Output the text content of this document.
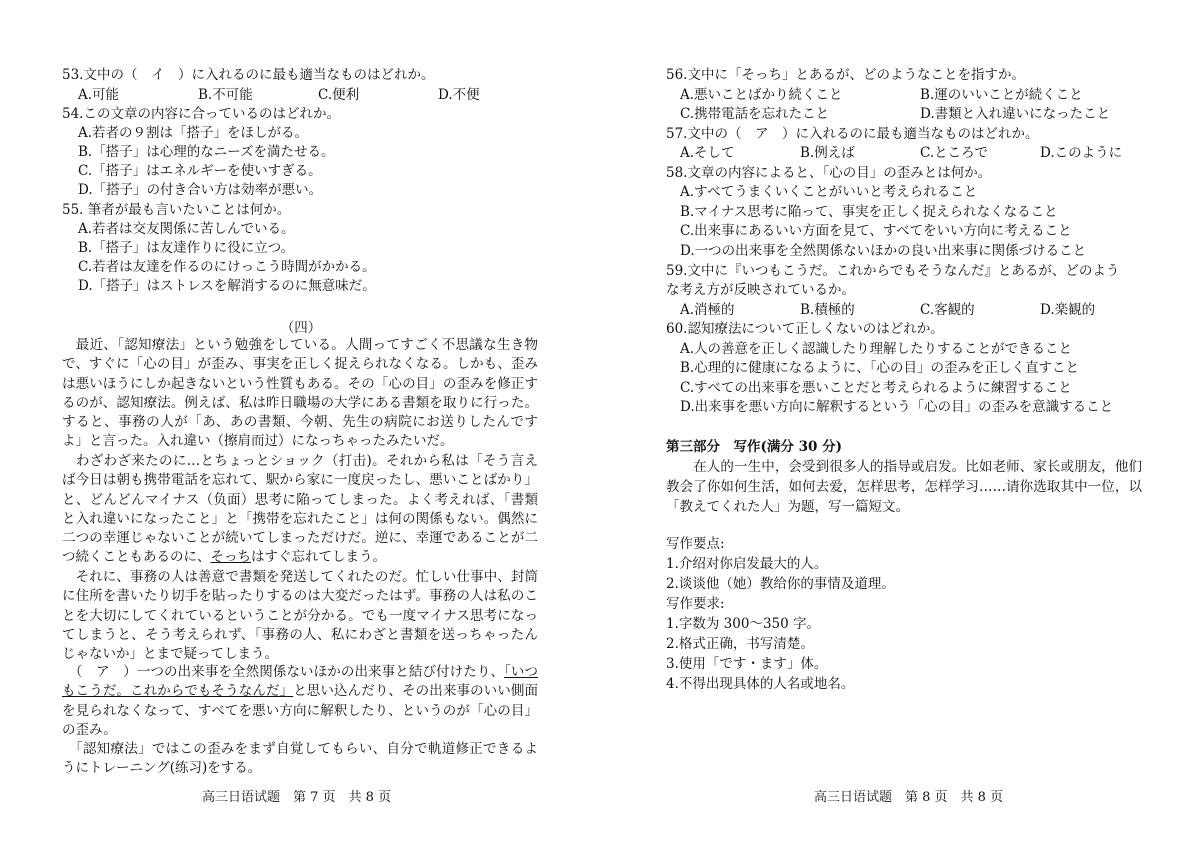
53.文中の（　イ　）に入れるのに最も適当なものはどれか。
A.可能	B.不可能	C.便利	D.不便
54.この文章の内容に合っているのはどれか。
A.若者の９割は「搭子」をほしがる。
B.「搭子」は心理的なニーズを満たせる。
C.「搭子」はエネルギーを使いすぎる。
D.「搭子」の付き合い方は効率が悪い。
55. 筆者が最も言いたいことは何か。
A.若者は交友関係に苦しんでいる。
B.「搭子」は友達作りに役に立つ。
C.若者は友達を作るのにけっこう時間がかかる。
D.「搭子」はストレスを解消するのに無意味だ。
（四）
　最近、「認知療法」という勉強をしている。人間ってすごく不思議な生き物で、すぐに「心の目」が歪み、事実を正しく捉えられなくなる。しかも、歪みは悪いほうにしか起きないという性質もある。その「心の目」の歪みを修正するのが、認知療法。例えば、私は昨日職場の大学にある書類を取りに行った。すると、事務の人が「あ、あの書類、今朝、先生の病院にお送りしたんですよ」と言った。入れ違い（擦肩而过）になっちゃったみたいだ。
　わざわざ来たのに…とちょっとショック（打击)。それから私は「そう言えば今日は朝も携帯電話を忘れて、駅から家に一度戻ったし、悪いことばかり」と、どんどんマイナス（负面）思考に陥ってしまった。よく考えれば、「書類と入れ違いになったこと」と「携帯を忘れたこと」は何の関係もない。偶然に二つの幸運じゃないことが続いてしまっただけだ。逆に、幸運であることが二つ続くこともあるのに、そっちはすぐ忘れてしまう。
　それに、事務の人は善意で書類を発送してくれたのだ。忙しい仕事中、封筒に住所を書いたり切手を貼ったりするのは大変だったはず。事務の人は私のことを大切にしてくれているということが分かる。でも一度マイナス思考になってしまうと、そう考えられず、「事務の人、私にわざと書類を送っちゃったんじゃないか」とまで疑ってしまう。
　（　ア　）一つの出来事を全然関係ないほかの出来事と結び付けたり、「いつもこうだ。これからでもそうなんだ」と思い込んだり、その出来事のいい側面を見られなくなって、すべてを悪い方向に解釈したり、というのが「心の目」の歪み。
　「認知療法」ではこの歪みをまず自覚してもらい、自分で軌道修正できるようにトレーニング(练习)をする。
高三日语试题　第 7 页　共 8 页
56.文中に「そっち」とあるが、どのようなことを指すか。
A.悪いことばかり続くこと	B.運のいいことが続くこと
C.携帯電話を忘れたこと	D.書類と入れ違いになったこと
57.文中の（　ア　）に入れるのに最も適当なものはどれか。
A.そして	B.例えば	C.ところで	D.このように
58.文章の内容によると、「心の目」の歪みとは何か。
A.すべてうまくいくことがいいと考えられること
B.マイナス思考に陥って、事実を正しく捉えられなくなること
C.出来事にあるいい方面を見て、すべてをいい方向に考えること
D.一つの出来事を全然関係ないほかの良い出来事に関係づけること
59.文中に『いつもこうだ。これからでもそうなんだ』とあるが、どのよう
な考え方が反映されているか。
A.消極的	B.積極的	C.客観的	D.楽観的
60.認知療法について正しくないのはどれか。
A.人の善意を正しく認識したり理解したりすることができること
B.心理的に健康になるように、「心の目」の歪みを正しく直すこと
C.すべての出来事を悪いことだと考えられるように練習すること
D.出来事を悪い方向に解釈するという「心の目」の歪みを意識すること
第三部分　写作(满分 30 分)
　　在人的一生中，会受到很多人的指导或启发。比如老师、家长或朋友，他们教会了你如何生活，如何去爱，怎样思考，怎样学习……请你选取其中一位，以「教えてくれた人」为题，写一篇短文。
写作要点:
1.介绍对你启发最大的人。
2.谈谈他（她）教给你的事情及道理。
写作要求:
1.字数为 300～350 字。
2.格式正确，书写清楚。
3.使用「です・ます」体。
4.不得出现具体的人名或地名。
高三日语试题　第 8 页　共 8 页
